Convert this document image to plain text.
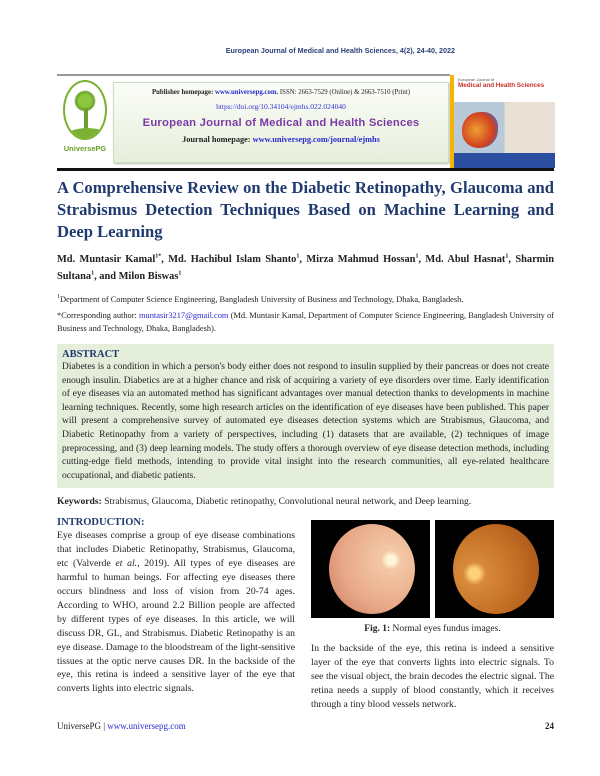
European Journal of Medical and Health Sciences, 4(2), 24-40, 2022
UniversePG
Publisher homepage: www.universepg.com, ISSN: 2663-7529 (Online) & 2663-7510 (Print)
https://doi.org/10.34104/ejmhs.022.024040
European Journal of Medical and Health Sciences
Journal homepage: www.universepg.com/journal/ejmhs
European Journal of
Medical and Health Sciences
A Comprehensive Review on the Diabetic Retinopathy, Glaucoma and Strabismus Detection Techniques Based on Machine Learning and Deep Learning
Md. Muntasir Kamal$^{1*}$, Md. Hachibul Islam Shanto$^1$, Mirza Mahmud Hossan$^1$, Md. Abul Hasnat$^1$, Sharmin Sultana$^1$, and Milon Biswas$^1$
$^1$Department of Computer Science Engineering, Bangladesh University of Business and Technology, Dhaka, Bangladesh.
*Corresponding author: muntasir3217@gmail.com (Md. Muntasir Kamal, Department of Computer Science Engineering, Bangladesh University of Business and Technology, Dhaka, Bangladesh).
ABSTRACT

Diabetes is a condition in which a person's body either does not respond to insulin supplied by their pancreas or does not create enough insulin. Diabetics are at a higher chance and risk of acquiring a variety of eye disorders over time. Early identification of eye diseases via an automated method has significant advantages over manual detection thanks to developments in machine learning techniques. Recently, some high research articles on the identification of eye diseases have been published. This paper will present a comprehensive survey of automated eye diseases detection systems which are Strabismus, Glaucoma, and Diabetic Retinopathy from a variety of perspectives, including (1) datasets that are available, (2) techniques of image preprocessing, and (3) deep learning models. The study offers a thorough overview of eye disease detection methods, including cutting-edge field methods, intending to provide vital insight into the research communities, all eye-related healthcare occupational, and diabetic patients.

Keywords: Strabismus, Glaucoma, Diabetic retinopathy, Convolutional neural network, and Deep learning.
INTRODUCTION:

Eye diseases comprise a group of eye disease combinations that includes Diabetic Retinopathy, Strabismus, Glaucoma, etc (Valverde et al., 2019). All types of eye diseases are harmful to human beings. For affecting eye diseases there occurs blindness and loss of vision from 20-74 ages. According to WHO, around 2.2 Billion people are affected by different types of eye diseases. In this article, we will discuss DR, GL, and Strabismus. Diabetic Retinopathy is an eye disease. Damage to the bloodstream of the light-sensitive tissues at the optic nerve causes DR. In the backside of the eye, this retina is indeed a sensitive layer of the eye that converts lights into electric signals.

Fig. 1: Normal eyes fundus images.
In the backside of the eye, this retina is indeed a sensitive layer of the eye that converts lights into electric signals. To see the visual object, the brain decodes the electric signal. The retina needs a supply of blood constantly, which it receives through a tiny blood vessels network.
UniversePG | www.universepg.com	24
